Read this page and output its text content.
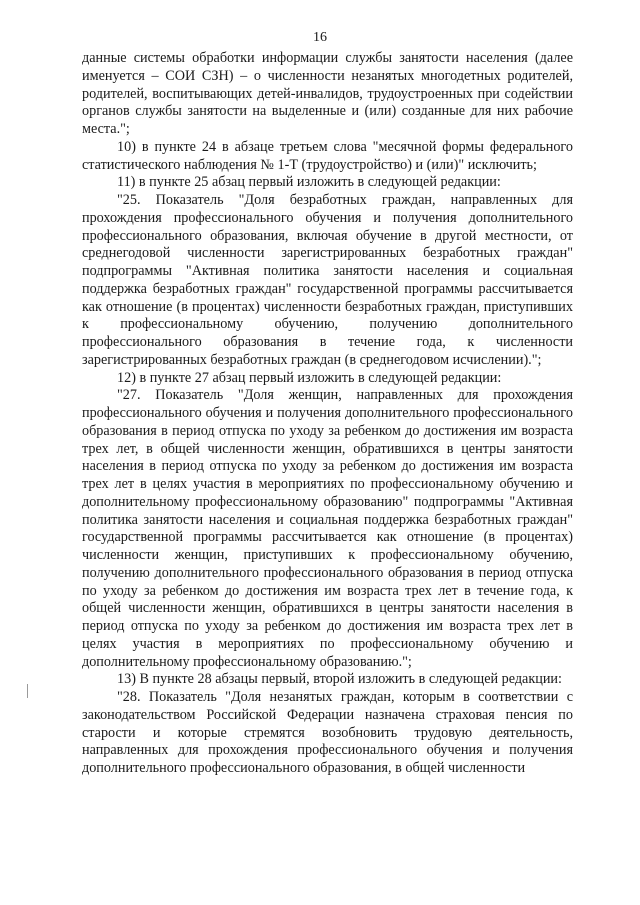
16

данные системы обработки информации службы занятости населения (далее именуется – СОИ СЗН) – о численности незанятых многодетных родителей, родителей, воспитывающих детей-инвалидов, трудоустроенных при содействии органов службы занятости на выделенные и (или) созданные для них рабочие места.";

10) в пункте 24 в абзаце третьем слова "месячной формы федерального статистического наблюдения № 1-Т (трудоустройство) и (или)" исключить;

11) в пункте 25 абзац первый изложить в следующей редакции:

"25. Показатель "Доля безработных граждан, направленных для прохождения профессионального обучения и получения дополнительного профессионального образования, включая обучение в другой местности, от среднегодовой численности зарегистрированных безработных граждан" подпрограммы "Активная политика занятости населения и социальная поддержка безработных граждан" государственной программы рассчитывается как отношение (в процентах) численности безработных граждан, приступивших к профессиональному обучению, получению дополнительного профессионального образования в течение года, к численности зарегистрированных безработных граждан (в среднегодовом исчислении).";

12) в пункте 27 абзац первый изложить в следующей редакции:

"27. Показатель "Доля женщин, направленных для прохождения профессионального обучения и получения дополнительного профессионального образования в период отпуска по уходу за ребенком до достижения им возраста трех лет, в общей численности женщин, обратившихся в центры занятости населения в период отпуска по уходу за ребенком до достижения им возраста трех лет в целях участия в мероприятиях по профессиональному обучению и дополнительному профессиональному образованию" подпрограммы "Активная политика занятости населения и социальная поддержка безработных граждан" государственной программы рассчитывается как отношение (в процентах) численности женщин, приступивших к профессиональному обучению, получению дополнительного профессионального образования в период отпуска по уходу за ребенком до достижения им возраста трех лет в течение года, к общей численности женщин, обратившихся в центры занятости населения в период отпуска по уходу за ребенком до достижения им возраста трех лет в целях участия в мероприятиях по профессиональному обучению и дополнительному профессиональному образованию.";

13) В пункте 28 абзацы первый, второй изложить в следующей редакции:

"28. Показатель "Доля незанятых граждан, которым в соответствии с законодательством Российской Федерации назначена страховая пенсия по старости и которые стремятся возобновить трудовую деятельность, направленных для прохождения профессионального обучения и получения дополнительного профессионального образования, в общей численности
